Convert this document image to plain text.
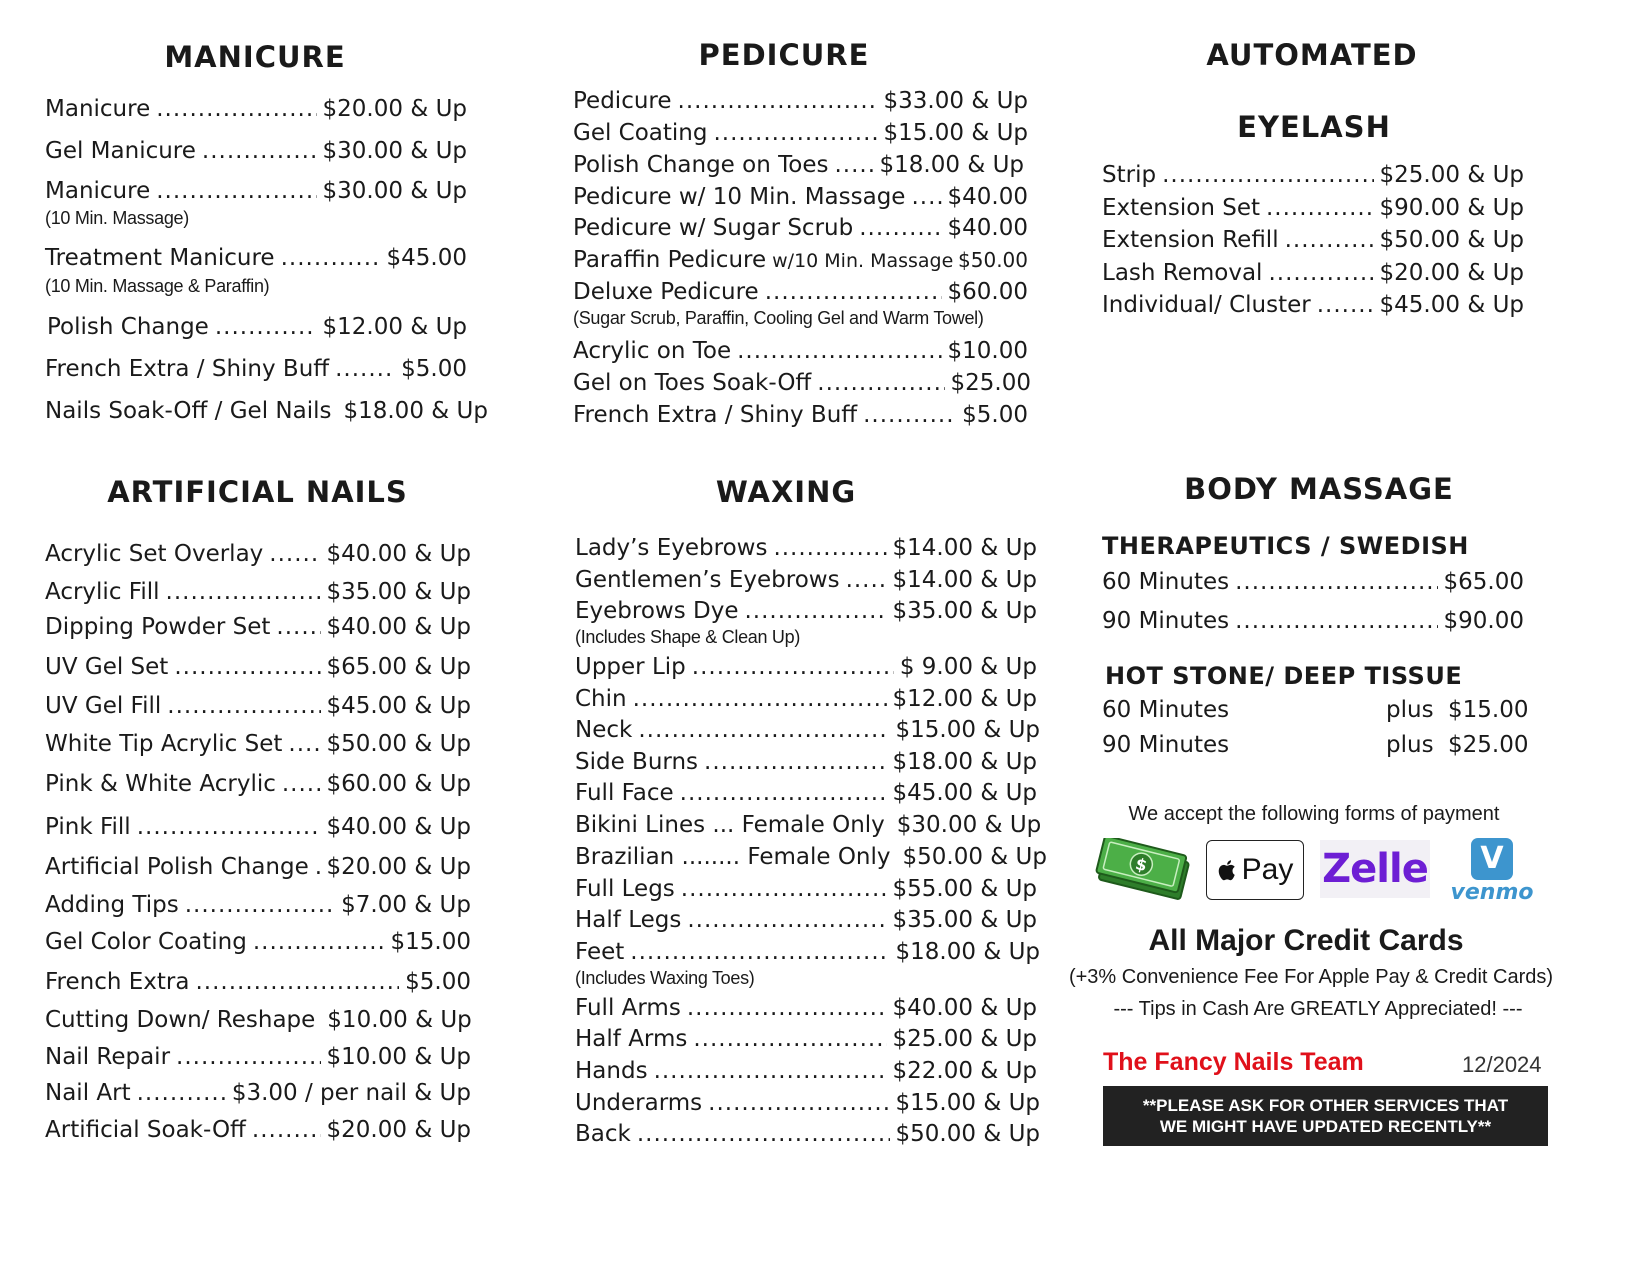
MANICURE
Manicure .....	$20.00 & Up
Gel Manicure .....	$30.00 & Up
Manicure .....	$30.00 & Up
(10 Min. Massage)
Treatment Manicure .....	$45.00
(10 Min. Massage & Paraffin)
Polish Change .....	$12.00 & Up
French Extra / Shiny Buff .....	$5.00
Nails Soak-Off / Gel Nails $18.00 & Up
PEDICURE
Pedicure .....	$33.00 & Up
Gel Coating .....	$15.00 & Up
Polish Change on Toes ..... $18.00 & Up
Pedicure w/ 10 Min. Massage ..... $40.00
Pedicure w/ Sugar Scrub .....	$40.00
Paraffin Pedicure w/10 Min. Massage ..... $50.00
Deluxe Pedicure .....	$60.00
(Sugar Scrub, Paraffin, Cooling Gel and Warm Towel)
Acrylic on Toe .....	$10.00
Gel on Toes Soak-Off .....	$25.00
French Extra / Shiny Buff .....	$5.00
AUTOMATED
EYELASH
Strip .....	$25.00 & Up
Extension Set .....	$90.00 & Up
Extension Refill .....	$50.00 & Up
Lash Removal .....	$20.00 & Up
Individual/ Cluster .....	$45.00 & Up
ARTIFICIAL NAILS
Acrylic Set Overlay .....	$40.00 & Up
Acrylic Fill .....	$35.00 & Up
Dipping Powder Set ..... $40.00 & Up
UV Gel Set .....	$65.00 & Up
UV Gel Fill .....	$45.00 & Up
White Tip Acrylic Set ..... $50.00 & Up
Pink & White Acrylic ..... $60.00 & Up
Pink Fill .....	$40.00 & Up
Artificial Polish Change ..... $20.00 & Up
Adding Tips .....	$7.00 & Up
Gel Color Coating .....	$15.00
French Extra .....	$5.00
Cutting Down/ Reshape $10.00 & Up
Nail Repair .....	$10.00 & Up
Nail Art .....	$3.00 / per nail & Up
Artificial Soak-Off .....	$20.00 & Up
WAXING
Lady’s Eyebrows .....	$14.00 & Up
Gentlemen’s Eyebrows ..... $14.00 & Up
Eyebrows Dye .....	$35.00 & Up
(Includes Shape & Clean Up)
Upper Lip .....	$ 9.00 & Up
Chin .....	$12.00 & Up
Neck .....	$15.00 & Up
Side Burns .....	$18.00 & Up
Full Face .....	$45.00 & Up
Bikini Lines ... Female Only $30.00 & Up
Brazilian ........ Female Only $50.00 & Up
Full Legs .....	$55.00 & Up
Half Legs .....	$35.00 & Up
Feet .....	$18.00 & Up
(Includes Waxing Toes)
Full Arms .....	$40.00 & Up
Half Arms .....	$25.00 & Up
Hands .....	$22.00 & Up
Underarms .....	$15.00 & Up
Back .....	$50.00 & Up
BODY MASSAGE
THERAPEUTICS / SWEDISH
60 Minutes .....	$65.00
90 Minutes .....	$90.00
HOT STONE/ DEEP TISSUE
60 Minutes	plus $15.00
90 Minutes	plus $25.00
We accept the following forms of payment
$	Pay Zelle	V
venmo
All Major Credit Cards
(+3% Convenience Fee For Apple Pay & Credit Cards)
--- Tips in Cash Are GREATLY Appreciated! ---
The Fancy Nails Team	12/2024
**PLEASE ASK FOR OTHER SERVICES THAT
WE MIGHT HAVE UPDATED RECENTLY**
